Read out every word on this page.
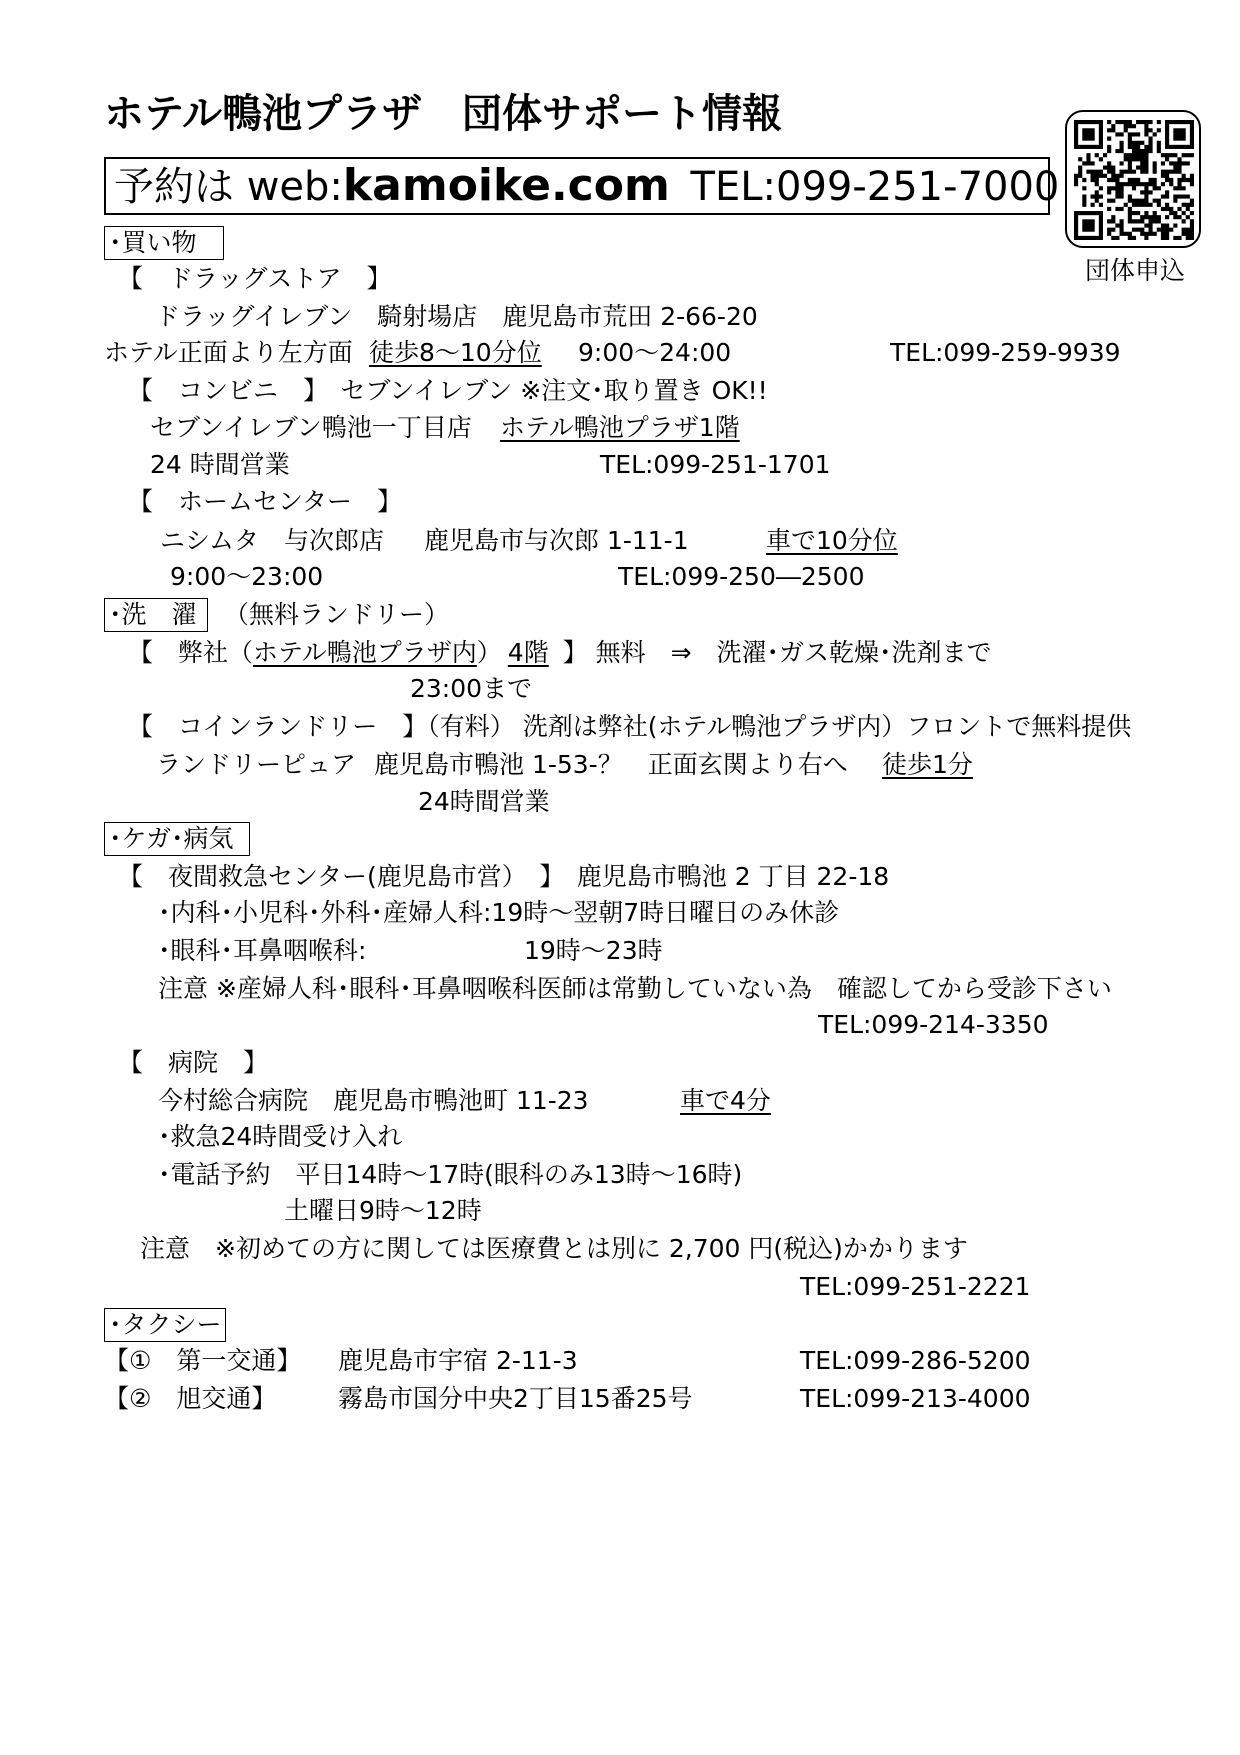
ホテル鴨池プラザ　団体サポート情報
予約は web:kamoike.com TEL:099-251-7000
団体申込
･買い物
【　ドラッグストア　】
ドラッグイレブン　騎射場店　鹿児島市荒田 2-66-20
ホテル正面より左方面 徒歩8～10分位 9:00～24:00	TEL:099-259-9939
【　コンビニ　】　セブンイレブン ※注文･取り置き OK!!
セブンイレブン鴨池一丁目店 ホテル鴨池プラザ1階
24 時間営業	TEL:099-251-1701
【　ホームセンター　】
ニシムタ　与次郎店 鹿児島市与次郎 1-11-1	車で10分位
9:00～23:00	TEL:099-250―2500
･洗　濯	（無料ランドリー）
【　弊社（ホテル鴨池プラザ内） 4階 】 無料　⇒　洗濯･ガス乾燥･洗剤まで
23:00まで
【　コインランドリー　】（有料） 洗剤は弊社(ホテル鴨池プラザ内）フロントで無料提供
ランドリーピュア 鹿児島市鴨池 1-53-？　正面玄関より右へ 徒歩1分
24時間営業
･ケガ･病気
【　夜間救急センター(鹿児島市営）　】　鹿児島市鴨池 2 丁目 22-18
･内科･小児科･外科･産婦人科:19時～翌朝7時日曜日のみ休診
･眼科･耳鼻咽喉科:	19時～23時
注意 ※産婦人科･眼科･耳鼻咽喉科医師は常勤していない為　確認してから受診下さい
TEL:099-214-3350
【　病院　】
今村総合病院　鹿児島市鴨池町 11-23	車で4分
･救急24時間受け入れ
･電話予約　平日14時～17時(眼科のみ13時～16時)
土曜日9時～12時
注意　※初めての方に関しては医療費とは別に 2,700 円(税込)かかります
TEL:099-251-2221
･タクシー
【①　第一交通】 鹿児島市宇宿 2-11-3	TEL:099-286-5200
【②　旭交通】 霧島市国分中央2丁目15番25号	TEL:099-213-4000
